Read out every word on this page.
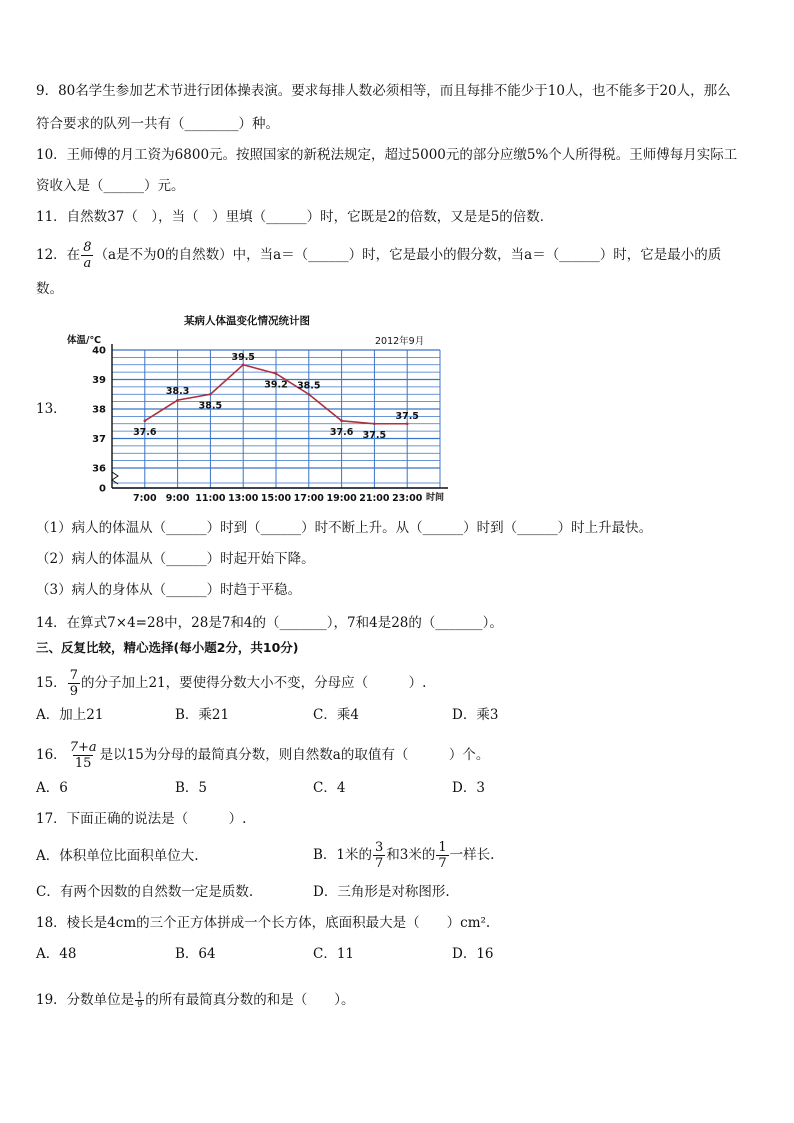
9．80名学生参加艺术节进行团体操表演。要求每排人数必须相等，而且每排不能少于10人，也不能多于20人，那么
符合要求的队列一共有（________）种。
10．王师傅的月工资为6800元。按照国家的新税法规定，超过5000元的部分应缴5%个人所得税。王师傅每月实际工
资收入是（______）元。
11．自然数37（　），当（　）里填（______）时，它既是2的倍数，又是是5的倍数．
12．在 $\frac{8}{a} (a$是不为0的自然数）中，当a＝（______）时，它是最小的假分数，当a＝（______）时，它是最小的质
数。
13．
某病人体温变化情况统计图
2012年9月
体温/℃
时间
40
39
38
37
36
0
7:00 9:00 11:00 13:00 15:00 17:00 19:00 21:00 23:00
37.6
38.3
38.5
39.5
39.2 38.5
37.6 37.5
37.5
（1）病人的体温从（______）时到（______）时不断上升。从（______）时到（______）时上升最快。
（2）病人的体温从（______）时起开始下降。
（3）病人的身体从（______）时趋于平稳。
14．在算式7×4=28中，28是7和4的（_______），7和4是28的（_______）。
三、反复比较，精心选择(每小题2分，共10分)
15． $\frac{7}{9}$ 的分子加上21，要使得分数大小不变，分母应（　　　）.
A．加上21	B．乘21	C．乘4	D．乘3
16． $\frac{7+a}{15}$ 是以15为分母的最简真分数，则自然数a的取值有（　　　）个。
A．6	B．5	C．4	D．3
17．下面正确的说法是（　　　）.
A．体积单位比面积单位大.	B．1米的 $\frac{3}{7}$ 和3米的 $\frac{1}{7}$ 一样长.
C．有两个因数的自然数一定是质数.	D．三角形是对称图形.
18．棱长是4cm的三个正方体拼成一个长方体，底面积最大是（　　）cm².
A．48	B．64	C．11	D．16
19．分数单位是 $\frac{1}{9}$ 的所有最简真分数的和是（　　）。
